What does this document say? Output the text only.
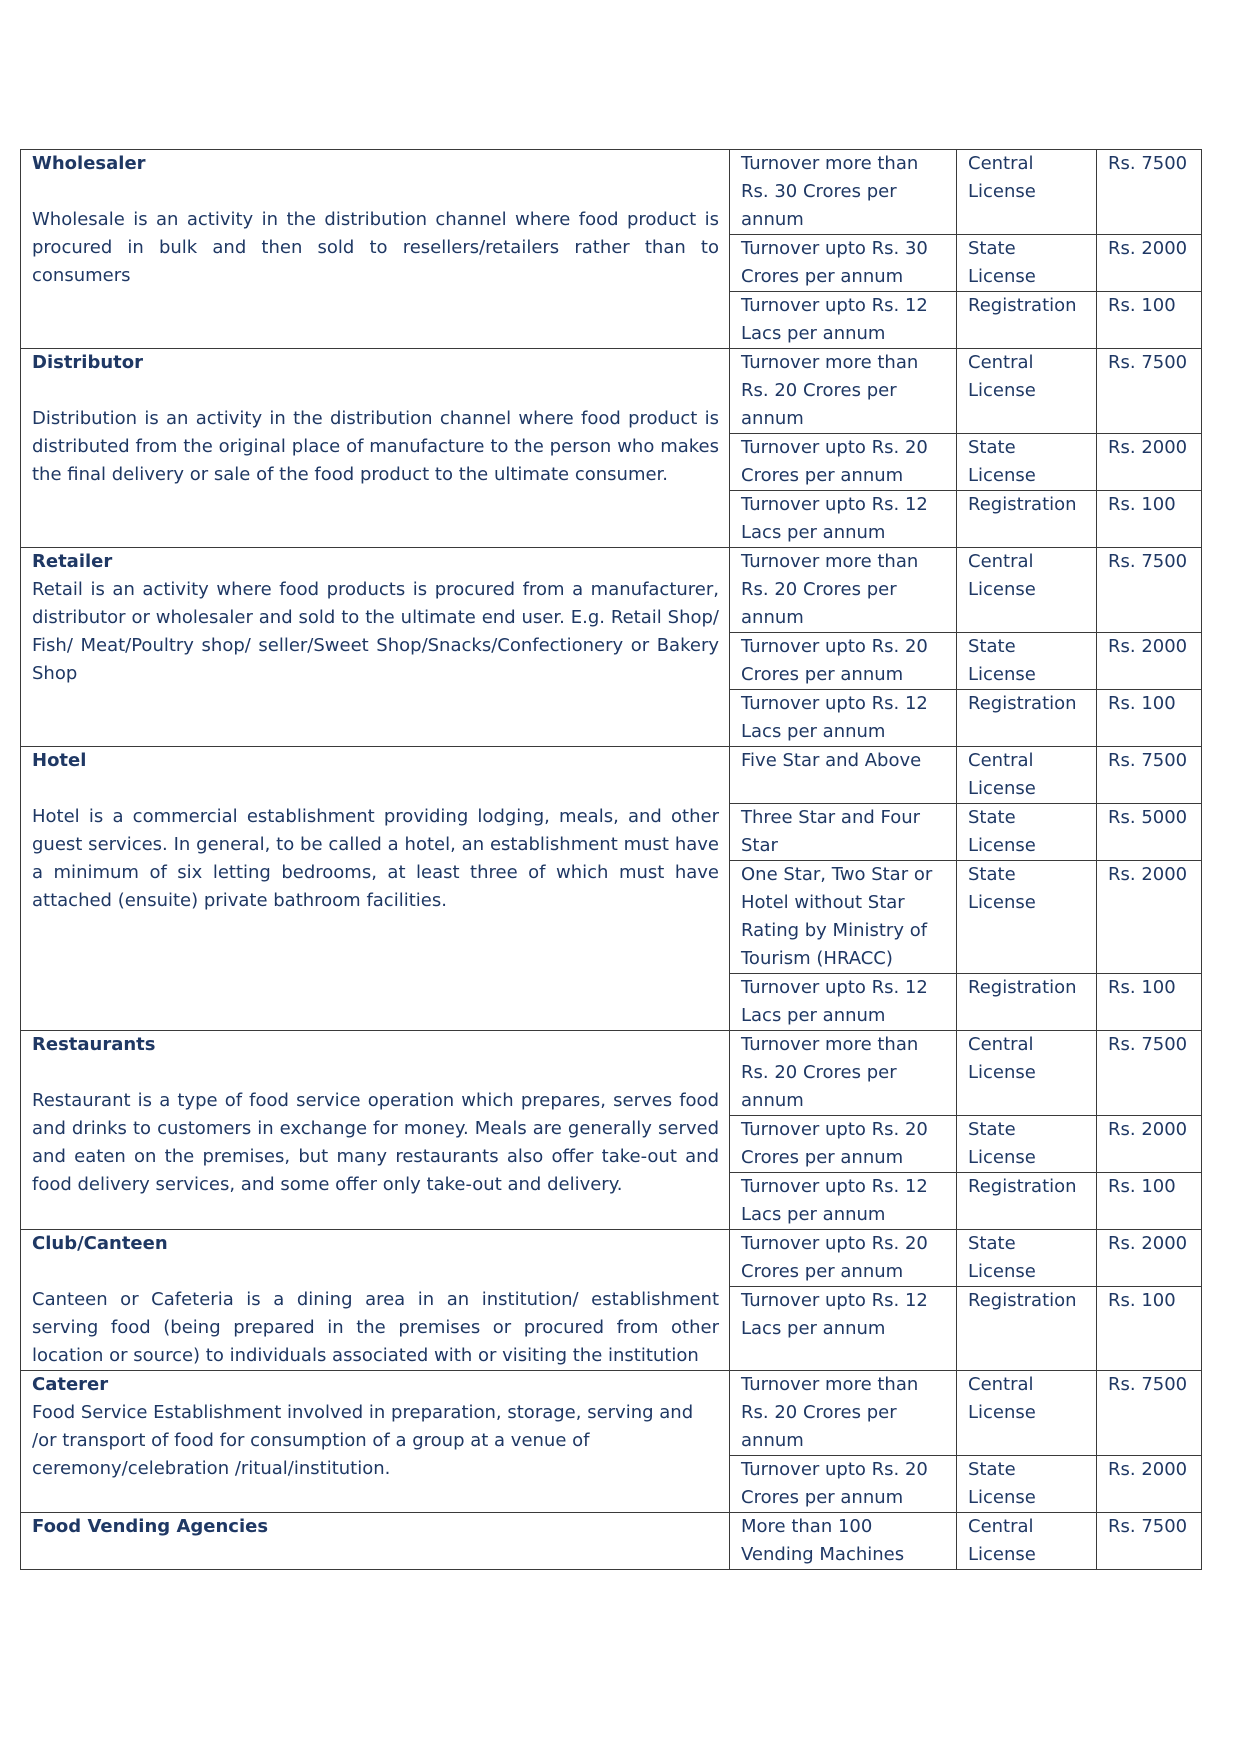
Wholesaler
Wholesale is an activity in the distribution channel where food product is procured in bulk and then sold to resellers/retailers rather than to consumers	Turnover more than Rs. 30 Crores per annum	Central License	Rs. 7500
	Turnover upto Rs. 30 Crores per annum	State License	Rs. 2000
	Turnover upto Rs. 12 Lacs per annum	Registration	Rs. 100

Distributor
Distribution is an activity in the distribution channel where food product is distributed from the original place of manufacture to the person who makes the final delivery or sale of the food product to the ultimate consumer.	Turnover more than Rs. 20 Crores per annum	Central License	Rs. 7500
	Turnover upto Rs. 20 Crores per annum	State License	Rs. 2000
	Turnover upto Rs. 12 Lacs per annum	Registration	Rs. 100

Retailer
Retail is an activity where food products is procured from a manufacturer, distributor or wholesaler and sold to the ultimate end user. E.g. Retail Shop/ Fish/ Meat/Poultry shop/ seller/Sweet Shop/Snacks/Confectionery or Bakery Shop	Turnover more than Rs. 20 Crores per annum	Central License	Rs. 7500
	Turnover upto Rs. 20 Crores per annum	State License	Rs. 2000
	Turnover upto Rs. 12 Lacs per annum	Registration	Rs. 100

Hotel
Hotel is a commercial establishment providing lodging, meals, and other guest services. In general, to be called a hotel, an establishment must have a minimum of six letting bedrooms, at least three of which must have attached (ensuite) private bathroom facilities.	Five Star and Above	Central License	Rs. 7500
	Three Star and Four Star	State License	Rs. 5000
	One Star, Two Star or Hotel without Star Rating by Ministry of Tourism (HRACC)	State License	Rs. 2000
	Turnover upto Rs. 12 Lacs per annum	Registration	Rs. 100

Restaurants
Restaurant is a type of food service operation which prepares, serves food and drinks to customers in exchange for money. Meals are generally served and eaten on the premises, but many restaurants also offer take-out and food delivery services, and some offer only take-out and delivery.	Turnover more than Rs. 20 Crores per annum	Central License	Rs. 7500
	Turnover upto Rs. 20 Crores per annum	State License	Rs. 2000
	Turnover upto Rs. 12 Lacs per annum	Registration	Rs. 100

Club/Canteen
Canteen or Cafeteria is a dining area in an institution/ establishment serving food (being prepared in the premises or procured from other location or source) to individuals associated with or visiting the institution	Turnover upto Rs. 20 Crores per annum	State License	Rs. 2000
	Turnover upto Rs. 12 Lacs per annum	Registration	Rs. 100

Caterer
Food Service Establishment involved in preparation, storage, serving and /or transport of food for consumption of a group at a venue of ceremony/celebration /ritual/institution.	Turnover more than Rs. 20 Crores per annum	Central License	Rs. 7500
	Turnover upto Rs. 20 Crores per annum	State License	Rs. 2000

Food Vending Agencies	More than 100 Vending Machines	Central License	Rs. 7500
